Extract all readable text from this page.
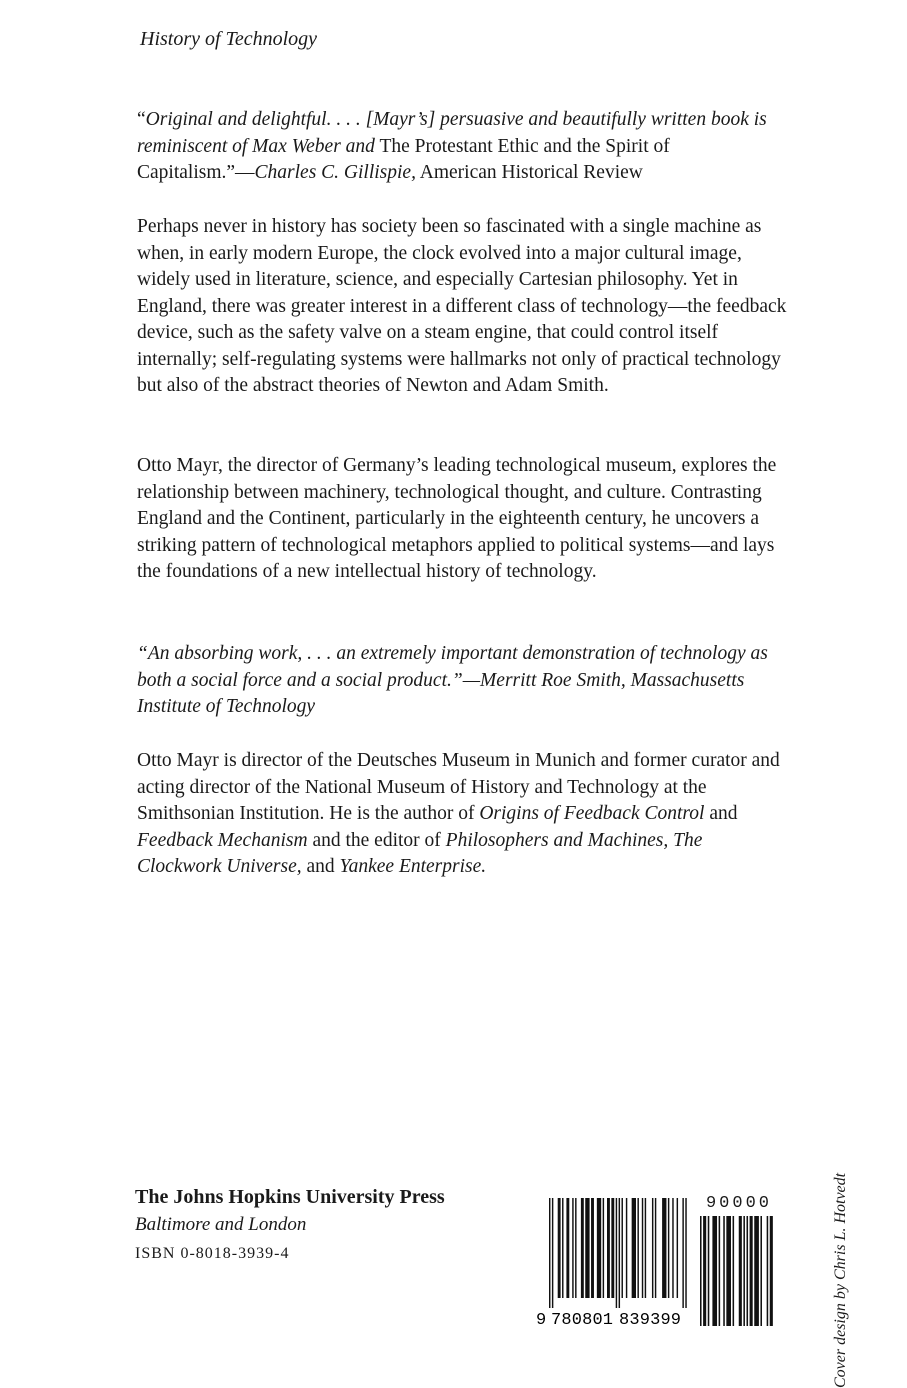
History of Technology

“Original and delightful. . . . [Mayr’s] persuasive and beautifully written book is reminiscent of Max Weber and The Protestant Ethic and the Spirit of Capitalism.”—Charles C. Gillispie, American Historical Review

Perhaps never in history has society been so fascinated with a single machine as when, in early modern Europe, the clock evolved into a major cultural image, widely used in literature, science, and especially Cartesian philosophy. Yet in England, there was greater interest in a different class of technology—the feedback device, such as the safety valve on a steam engine, that could control itself internally; self-regulating systems were hallmarks not only of practical technology but also of the abstract theories of Newton and Adam Smith.

Otto Mayr, the director of Germany’s leading technological museum, explores the relationship between machinery, technological thought, and culture. Contrasting England and the Continent, particularly in the eighteenth century, he uncovers a striking pattern of technological metaphors applied to political systems—and lays the foundations of a new intellectual history of technology.

“An absorbing work, . . . an extremely important demonstration of technology as both a social force and a social product.”—Merritt Roe Smith, Massachusetts Institute of Technology

Otto Mayr is director of the Deutsches Museum in Munich and former curator and acting director of the National Museum of History and Technology at the Smithsonian Institution. He is the author of Origins of Feedback Control and Feedback Mechanism and the editor of Philosophers and Machines, The Clockwork Universe, and Yankee Enterprise.

The Johns Hopkins University Press
Baltimore and London
ISBN 0-8018-3939-4
9 780801 839399
90000	Cover design by Chris L. Hotvedt
